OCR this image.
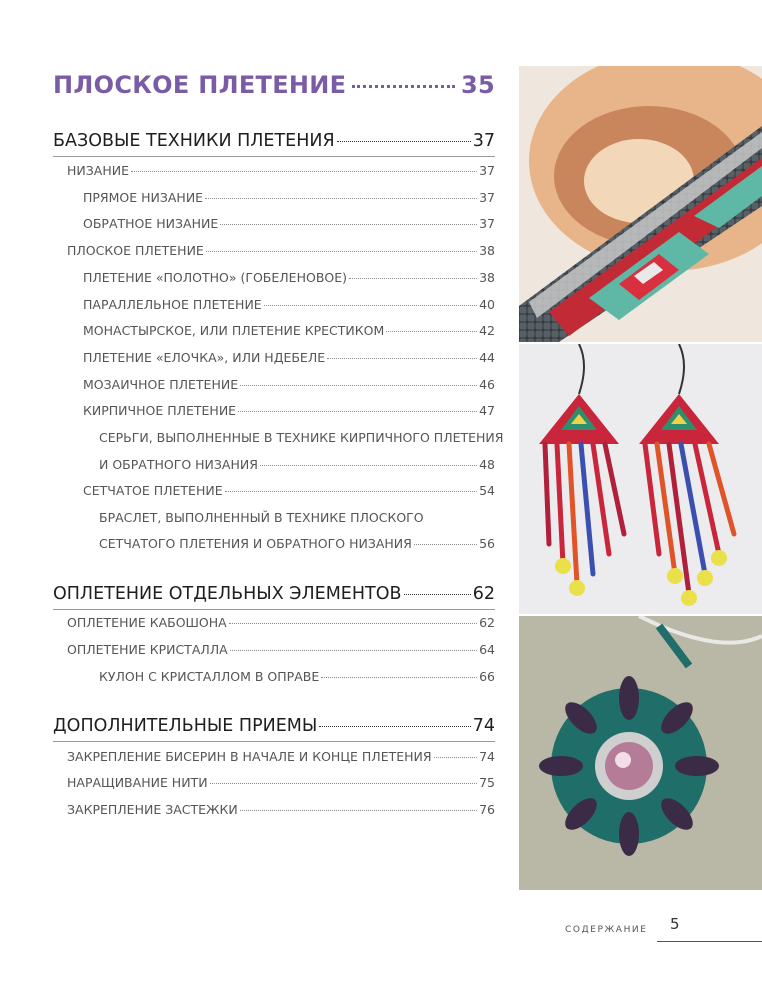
ПЛОСКОЕ ПЛЕТЕНИЕ	35
БАЗОВЫЕ ТЕХНИКИ ПЛЕТЕНИЯ	37
НИЗАНИЕ	37
ПРЯМОЕ НИЗАНИЕ	37
ОБРАТНОЕ НИЗАНИЕ	37
ПЛОСКОЕ ПЛЕТЕНИЕ	38
ПЛЕТЕНИЕ «ПОЛОТНО» (ГОБЕЛЕНОВОЕ)	38
ПАРАЛЛЕЛЬНОЕ ПЛЕТЕНИЕ	40
МОНАСТЫРСКОЕ, ИЛИ ПЛЕТЕНИЕ КРЕСТИКОМ	42
ПЛЕТЕНИЕ «ЕЛОЧКА», ИЛИ НДЕБЕЛЕ	44
МОЗАИЧНОЕ ПЛЕТЕНИЕ	46
КИРПИЧНОЕ ПЛЕТЕНИЕ	47
СЕРЬГИ, ВЫПОЛНЕННЫЕ В ТЕХНИКЕ КИРПИЧНОГО ПЛЕТЕНИЯ
И ОБРАТНОГО НИЗАНИЯ	48
СЕТЧАТОЕ ПЛЕТЕНИЕ	54
БРАСЛЕТ, ВЫПОЛНЕННЫЙ В ТЕХНИКЕ ПЛОСКОГО
СЕТЧАТОГО ПЛЕТЕНИЯ И ОБРАТНОГО НИЗАНИЯ	56
ОПЛЕТЕНИЕ ОТДЕЛЬНЫХ ЭЛЕМЕНТОВ	62
ОПЛЕТЕНИЕ КАБОШОНА	62
ОПЛЕТЕНИЕ КРИСТАЛЛА	64
КУЛОН С КРИСТАЛЛОМ В ОПРАВЕ	66
ДОПОЛНИТЕЛЬНЫЕ ПРИЕМЫ	74
ЗАКРЕПЛЕНИЕ БИСЕРИН В НАЧАЛЕ И КОНЦЕ ПЛЕТЕНИЯ	74
НАРАЩИВАНИЕ НИТИ	75
ЗАКРЕПЛЕНИЕ ЗАСТЕЖКИ	76
СОДЕРЖАНИЕ 5
